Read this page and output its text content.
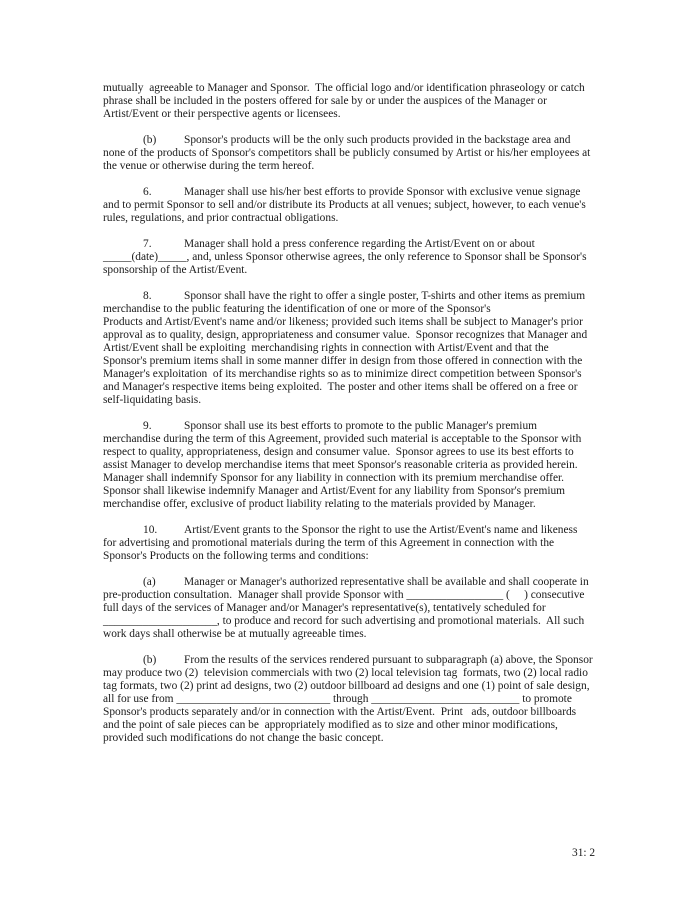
mutually  agreeable to Manager and Sponsor.  The official logo and/or identification phraseology or catch
phrase shall be included in the posters offered for sale by or under the auspices of the Manager or
Artist/Event or their perspective agents or licensees.
(b) Sponsor's products will be the only such products provided in the backstage area and
none of the products of Sponsor's competitors shall be publicly consumed by Artist or his/her employees at
the venue or otherwise during the term hereof.
6.	Manager shall use his/her best efforts to provide Sponsor with exclusive venue signage
and to permit Sponsor to sell and/or distribute its Products at all venues; subject, however, to each venue's
rules, regulations, and prior contractual obligations.
7.	Manager shall hold a press conference regarding the Artist/Event on or about
_____(date)_____, and, unless Sponsor otherwise agrees, the only reference to Sponsor shall be Sponsor's
sponsorship of the Artist/Event.
8.	Sponsor shall have the right to offer a single poster, T-shirts and other items as premium
merchandise to the public featuring the identification of one or more of the Sponsor's
Products and Artist/Event's name and/or likeness; provided such items shall be subject to Manager's prior
approval as to quality, design, appropriateness and consumer value.  Sponsor recognizes that Manager and
Artist/Event shall be exploiting  merchandising rights in connection with Artist/Event and that the
Sponsor's premium items shall in some manner differ in design from those offered in connection with the
Manager's exploitation  of its merchandise rights so as to minimize direct competition between Sponsor's
and Manager's respective items being exploited.  The poster and other items shall be offered on a free or
self-liquidating basis.
9.	Sponsor shall use its best efforts to promote to the public Manager's premium
merchandise during the term of this Agreement, provided such material is acceptable to the Sponsor with
respect to quality, appropriateness, design and consumer value.  Sponsor agrees to use its best efforts to
assist Manager to develop merchandise items that meet Sponsor's reasonable criteria as provided herein.
Manager shall indemnify Sponsor for any liability in connection with its premium merchandise offer.
Sponsor shall likewise indemnify Manager and Artist/Event for any liability from Sponsor's premium
merchandise offer, exclusive of product liability relating to the materials provided by Manager.
10. Artist/Event grants to the Sponsor the right to use the Artist/Event's name and likeness
for advertising and promotional materials during the term of this Agreement in connection with the
Sponsor's Products on the following terms and conditions:
(a) Manager or Manager's authorized representative shall be available and shall cooperate in
pre-production consultation.  Manager shall provide Sponsor with _________________ (     ) consecutive
full days of the services of Manager and/or Manager's representative(s), tentatively scheduled for
____________________, to produce and record for such advertising and promotional materials.  All such
work days shall otherwise be at mutually agreeable times.
(b) From the results of the services rendered pursuant to subparagraph (a) above, the Sponsor
may produce two (2)  television commercials with two (2) local television tag  formats, two (2) local radio
tag formats, two (2) print ad designs, two (2) outdoor billboard ad designs and one (1) point of sale design,
all for use from ___________________________ through __________________________ to promote
Sponsor's products separately and/or in connection with the Artist/Event.  Print   ads, outdoor billboards
and the point of sale pieces can be  appropriately modified as to size and other minor modifications,
provided such modifications do not change the basic concept.
31: 2
